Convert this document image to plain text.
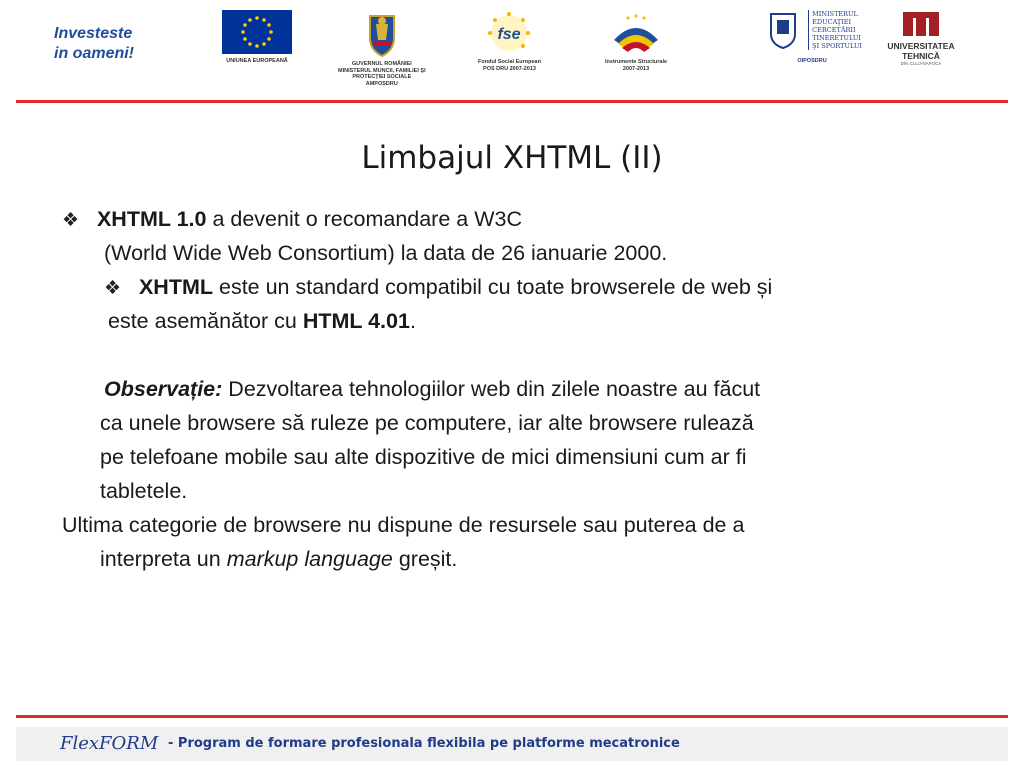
Investeste
in oameni!	UNIUNEA EUROPEANĂ	GUVERNUL ROMÂNIEI
MINISTERUL MUNCII, FAMILIEI ŞI
PROTECŢIEI SOCIALE
AMPOSDRU
fse
Fondul Social European
POS DRU 2007-2013
Instrumente Structurale
2007-2013
MINISTERUL
EDUCAŢIEI
CERCETĂRII
TINERETULUI
ŞI SPORTULUI
OIPOSDRU
UNIVERSITATEA
TEHNICĂ
DIN CLUJ-NAPOCA
Limbajul XHTML (II)
❖ XHTML 1.0 a devenit o recomandare a W3C
(World Wide Web Consortium) la data de 26 ianuarie 2000.
❖ XHTML este un standard compatibil cu toate browserele de web și
este asemănător cu HTML 4.01.
Observație: Dezvoltarea tehnologiilor web din zilele noastre au făcut
ca unele browsere să ruleze pe computere, iar alte browsere rulează
pe telefoane mobile sau alte dispozitive de mici dimensiuni cum ar fi
tabletele.
Ultima categorie de browsere nu dispune de resursele sau puterea de a
interpreta un markup language greșit.
FlexFORM - Program de formare profesionala flexibila pe platforme mecatronice
